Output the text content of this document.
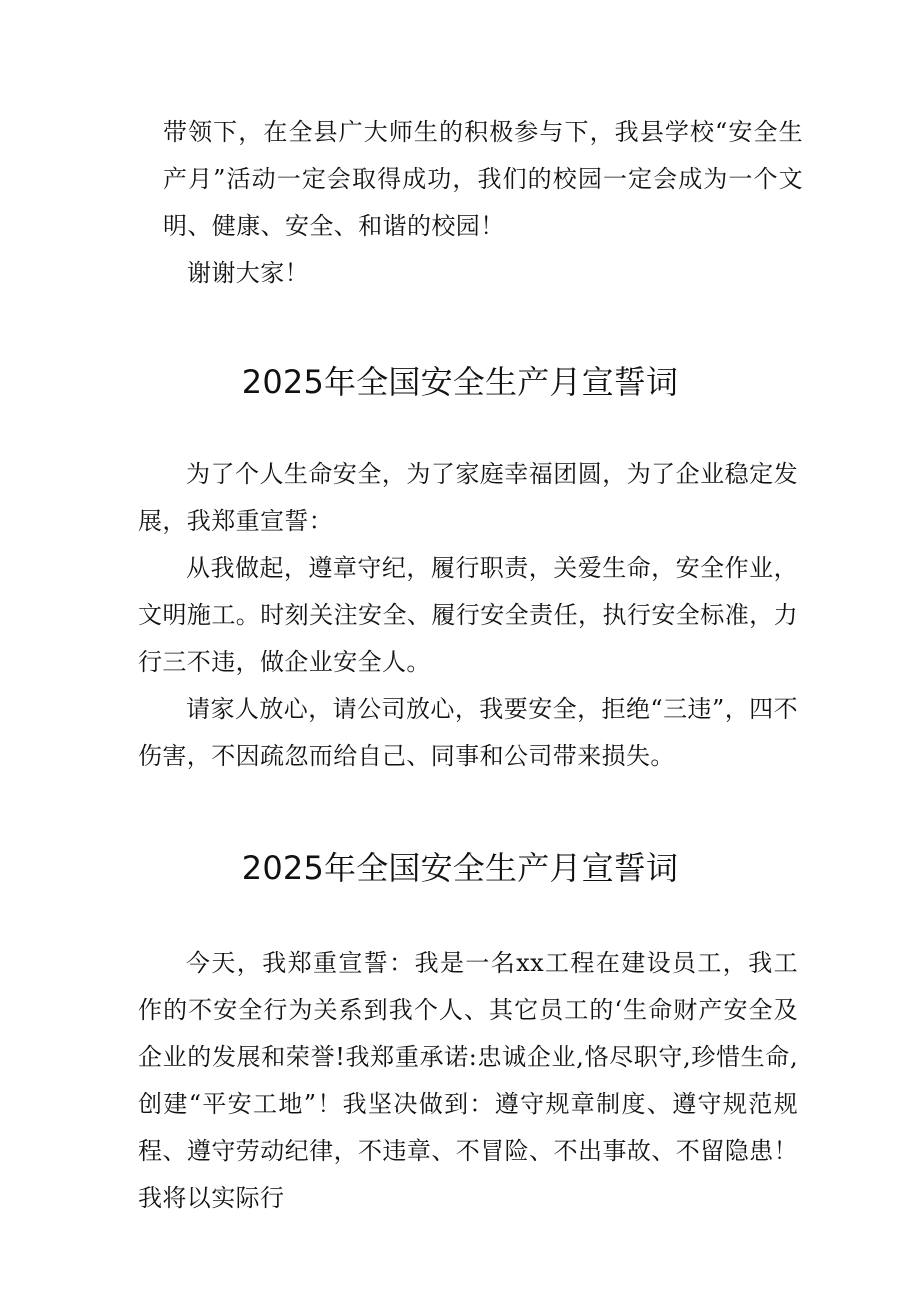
带领下，在全县广大师生的积极参与下，我县学校“安全生产月”活动一定会取得成功，我们的校园一定会成为一个文明、健康、安全、和谐的校园！

谢谢大家！

2025年全国安全生产月宣誓词

为了个人生命安全，为了家庭幸福团圆，为了企业稳定发展，我郑重宣誓：

从我做起，遵章守纪，履行职责，关爱生命，安全作业，文明施工。时刻关注安全、履行安全责任，执行安全标准，力行三不违，做企业安全人。

请家人放心，请公司放心，我要安全，拒绝“三违”，四不伤害，不因疏忽而给自己、同事和公司带来损失。

2025年全国安全生产月宣誓词

今天，我郑重宣誓：我是一名xx工程在建设员工，我工作的不安全行为关系到我个人、其它员工的‘生命财产安全及企业的发展和荣誉!我郑重承诺:忠诚企业,恪尽职守,珍惜生命,创建“平安工地”！我坚决做到：遵守规章制度、遵守规范规程、遵守劳动纪律，不违章、不冒险、不出事故、不留隐患！我将以实际行
